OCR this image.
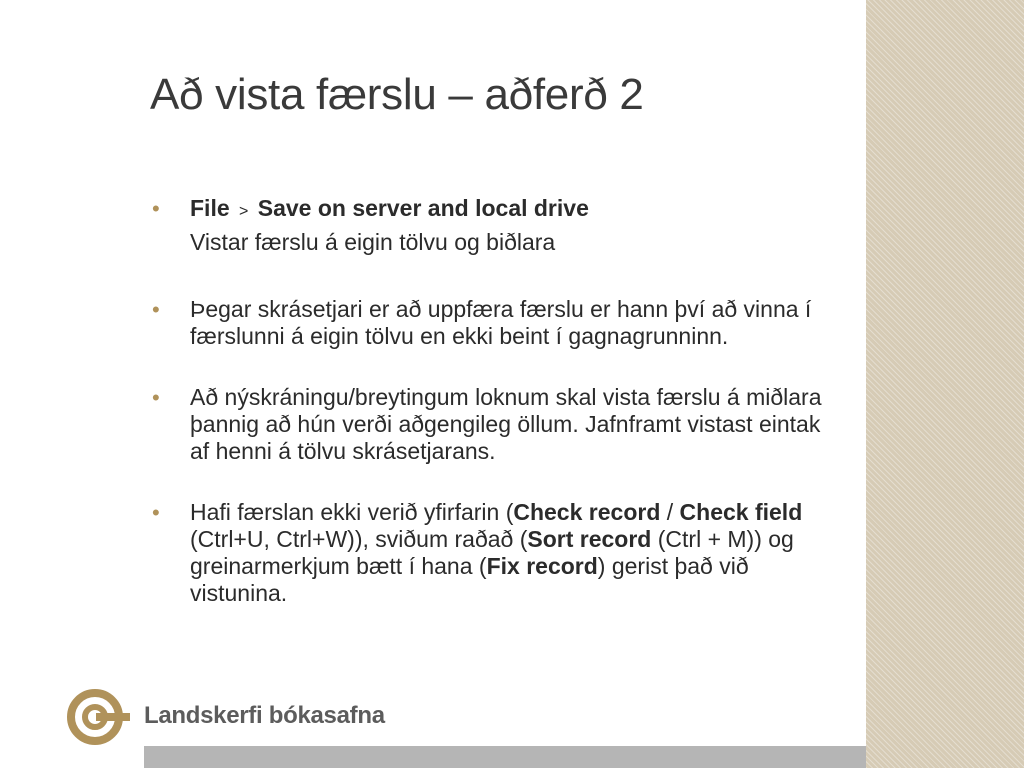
Að vista færslu – aðferð 2
• File > Save on server and local drive
Vistar færslu á eigin tölvu og biðlara
• Þegar skrásetjari er að uppfæra færslu er hann því að vinna í færslunni á eigin tölvu en ekki beint í gagnagrunninn.
• Að nýskráningu/breytingum loknum skal vista færslu á miðlara þannig að hún verði aðgengileg öllum. Jafnframt vistast eintak af henni á tölvu skrásetjarans.
• Hafi færslan ekki verið yfirfarin (Check record / Check field (Ctrl+U, Ctrl+W)), sviðum raðað (Sort record (Ctrl + M)) og greinarmerkjum bætt í hana (Fix record) gerist það við vistunina.
Landskerfi bókasafna
